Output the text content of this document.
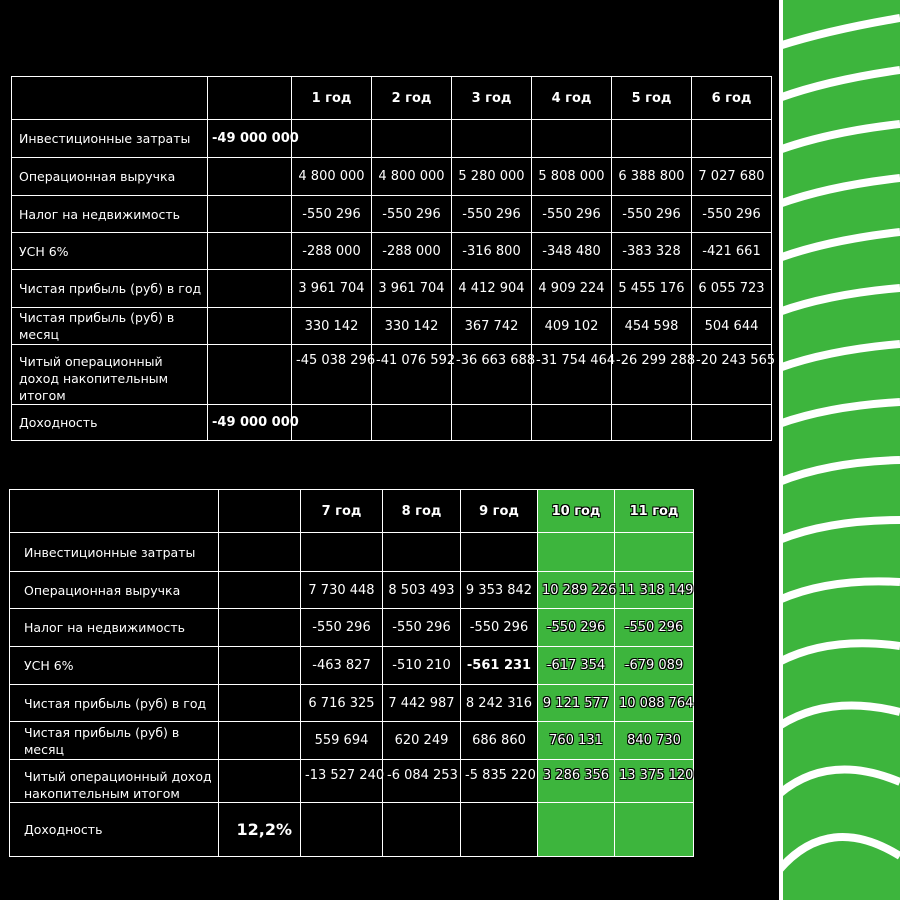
		1 год	2 год	3 год	4 год	5 год	6 год
Инвестиционные затраты	-49 000 000						
Операционная выручка		4 800 000	4 800 000	5 280 000	5 808 000	6 388 800	7 027 680
Налог на недвижимость		-550 296	-550 296	-550 296	-550 296	-550 296	-550 296
УСН 6%		-288 000	-288 000	-316 800	-348 480	-383 328	-421 661
Чистая прибыль (руб) в год		3 961 704	3 961 704	4 412 904	4 909 224	5 455 176	6 055 723
Чистая прибыль (руб) в месяц		330 142	330 142	367 742	409 102	454 598	504 644
Читый операционный доход накопительным итогом		-45 038 296	-41 076 592	-36 663 688	-31 754 464	-26 299 288	-20 243 565
Доходность	-49 000 000						
		7 год	8 год	9 год	10 год	11 год
Инвестиционные затраты						
Операционная выручка		7 730 448	8 503 493	9 353 842	10 289 226	11 318 149
Налог на недвижимость		-550 296	-550 296	-550 296	-550 296	-550 296
УСН 6%		-463 827	-510 210	-561 231	-617 354	-679 089
Чистая прибыль (руб) в год		6 716 325	7 442 987	8 242 316	9 121 577	10 088 764
Чистая прибыль (руб) в месяц		559 694	620 249	686 860	760 131	840 730
Читый операционный доход накопительным итогом		-13 527 240	-6 084 253	-5 835 220	3 286 356	13 375 120
Доходность	12,2%					
